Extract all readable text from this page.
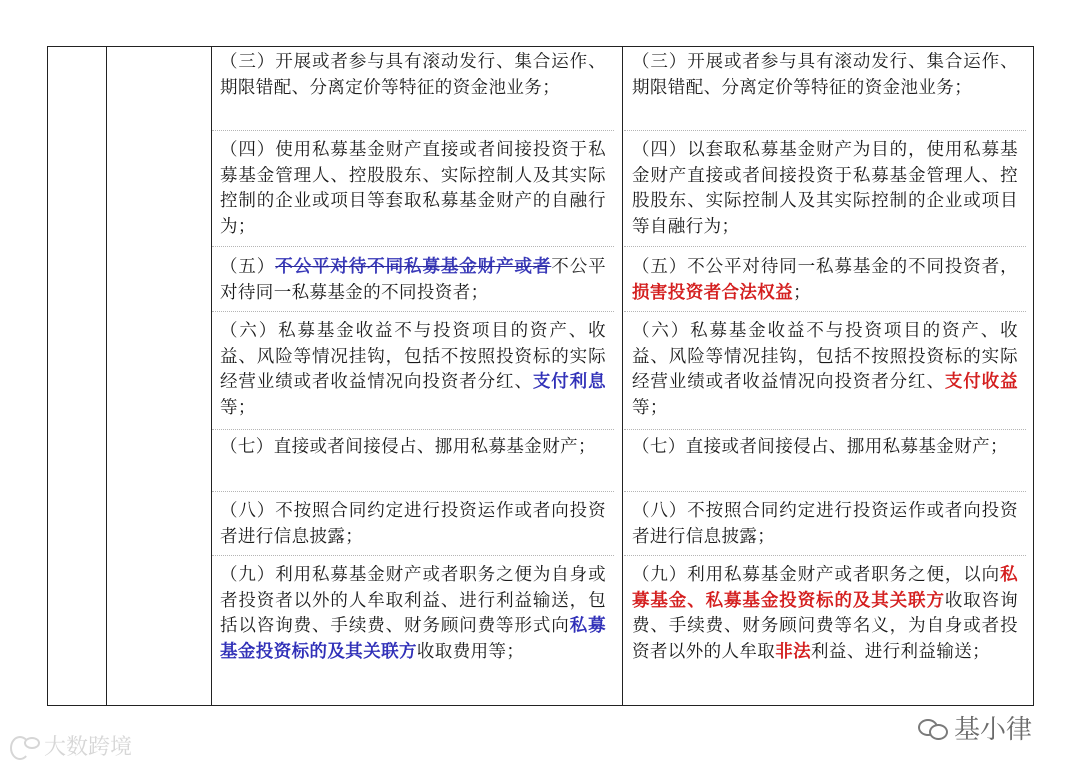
（三）开展或者参与具有滚动发行、集合运作、期限错配、分离定价等特征的资金池业务；
（四）使用私募基金财产直接或者间接投资于私募基金管理人、控股股东、实际控制人及其实际控制的企业或项目等套取私募基金财产的自融行为；
（五）不公平对待不同私募基金财产或者不公平对待同一私募基金的不同投资者；
（六）私募基金收益不与投资项目的资产、收益、风险等情况挂钩，包括不按照投资标的实际经营业绩或者收益情况向投资者分红、支付利息等；
（七）直接或者间接侵占、挪用私募基金财产；
（八）不按照合同约定进行投资运作或者向投资者进行信息披露；
（九）利用私募基金财产或者职务之便为自身或者投资者以外的人牟取利益、进行利益输送，包括以咨询费、手续费、财务顾问费等形式向私募基金投资标的及其关联方收取费用等；
（三）开展或者参与具有滚动发行、集合运作、期限错配、分离定价等特征的资金池业务；
（四）以套取私募基金财产为目的，使用私募基金财产直接或者间接投资于私募基金管理人、控股股东、实际控制人及其实际控制的企业或项目等自融行为；
（五）不公平对待同一私募基金的不同投资者，损害投资者合法权益；
（六）私募基金收益不与投资项目的资产、收益、风险等情况挂钩，包括不按照投资标的实际经营业绩或者收益情况向投资者分红、支付收益等；
（七）直接或者间接侵占、挪用私募基金财产；
（八）不按照合同约定进行投资运作或者向投资者进行信息披露；
（九）利用私募基金财产或者职务之便，以向私募基金、私募基金投资标的及其关联方收取咨询费、手续费、财务顾问费等名义，为自身或者投资者以外的人牟取非法利益、进行利益输送；
大数跨境
基小律
